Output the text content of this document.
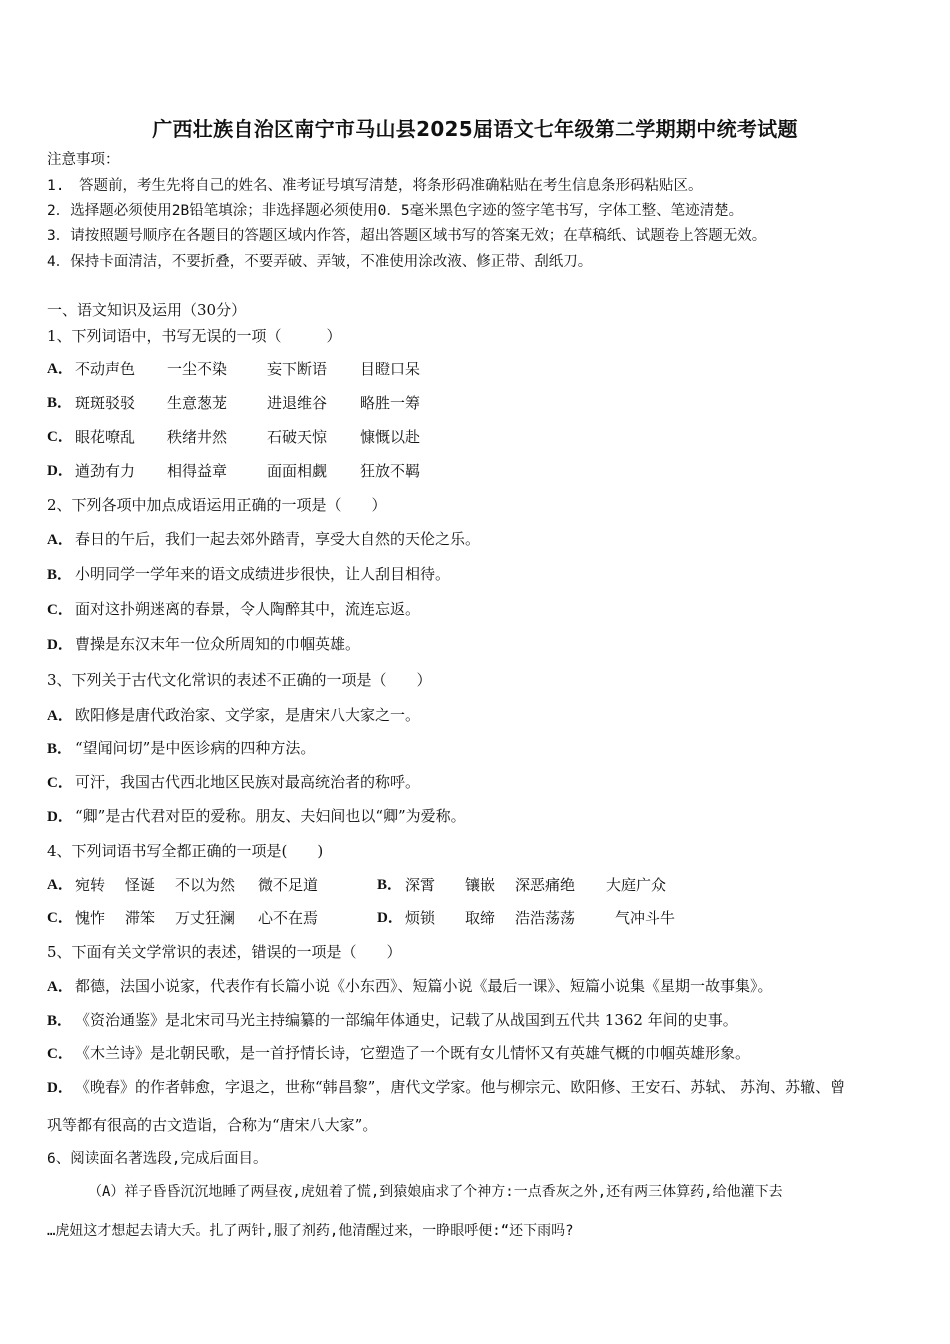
广西壮族自治区南宁市马山县2025届语文七年级第二学期期中统考试题
注意事项：
1.　答题前，考生先将自己的姓名、准考证号填写清楚，将条形码准确粘贴在考生信息条形码粘贴区。
2．选择题必须使用2B铅笔填涂；非选择题必须使用0．5毫米黑色字迹的签字笔书写，字体工整、笔迹清楚。
3．请按照题号顺序在各题目的答题区域内作答，超出答题区域书写的答案无效；在草稿纸、试题卷上答题无效。
4．保持卡面清洁，不要折叠，不要弄破、弄皱，不准使用涂改液、修正带、刮纸刀。
一、语文知识及运用（30分）
1、下列词语中，书写无误的一项（　　　）
A． 不动声色 一尘不染	妄下断语 目瞪口呆
B． 斑斑驳驳 生意葱茏	进退维谷 略胜一筹
C． 眼花嘹乱 秩绪井然	石破天惊 慷慨以赴
D． 遒劲有力 相得益章	面面相觑 狂放不羁
2、下列各项中加点成语运用正确的一项是（　　）
A． 春日的午后，我们一起去郊外踏青，享受大自然的天伦之乐。
B． 小明同学一学年来的语文成绩进步很快，让人刮目相待。
C． 面对这扑朔迷离的春景，令人陶醉其中，流连忘返。
D． 曹操是东汉末年一位众所周知的巾帼英雄。
3、下列关于古代文化常识的表述不正确的一项是（　　）
A． 欧阳修是唐代政治家、文学家，是唐宋八大家之一。
B． “望闻问切”是中医诊病的四种方法。
C． 可汗，我国古代西北地区民族对最高统治者的称呼。
D． “卿”是古代君对臣的爱称。朋友、夫妇间也以“卿”为爱称。
4、下列词语书写全都正确的一项是(　　)
A． 宛转 怪诞 不以为然 微不足道	B． 深霄 镶嵌 深恶痛绝 大庭广众
C． 愧怍 滞笨 万丈狂澜 心不在焉	D． 烦锁 取缔 浩浩荡荡	气冲斗牛
5、下面有关文学常识的表述，错误的一项是（　　）
A． 都德，法国小说家，代表作有长篇小说《小东西》、短篇小说《最后一课》、短篇小说集《星期一故事集》。
B． 《资治通鉴》是北宋司马光主持编纂的一部编年体通史，记载了从战国到五代共 1362 年间的史事。
C． 《木兰诗》是北朝民歌，是一首抒情长诗，它塑造了一个既有女儿情怀又有英雄气概的巾帼英雄形象。
D． 《晚春》的作者韩愈，字退之，世称“韩昌黎”，唐代文学家。他与柳宗元、欧阳修、王安石、苏轼、 苏洵、苏辙、曾
巩等都有很高的古文造诣，合称为“唐宋八大家”。
6、阅读面名著选段,完成后面目。
（A）祥子昏昏沉沉地睡了两昼夜,虎妞着了慌,到猿娘庙求了个神方:一点香灰之外,还有两三体算药,给他灌下去
…虎妞这才想起去请大夭。扎了两针,服了剂药,他清醒过来，一睁眼呼便:“还下雨吗?
